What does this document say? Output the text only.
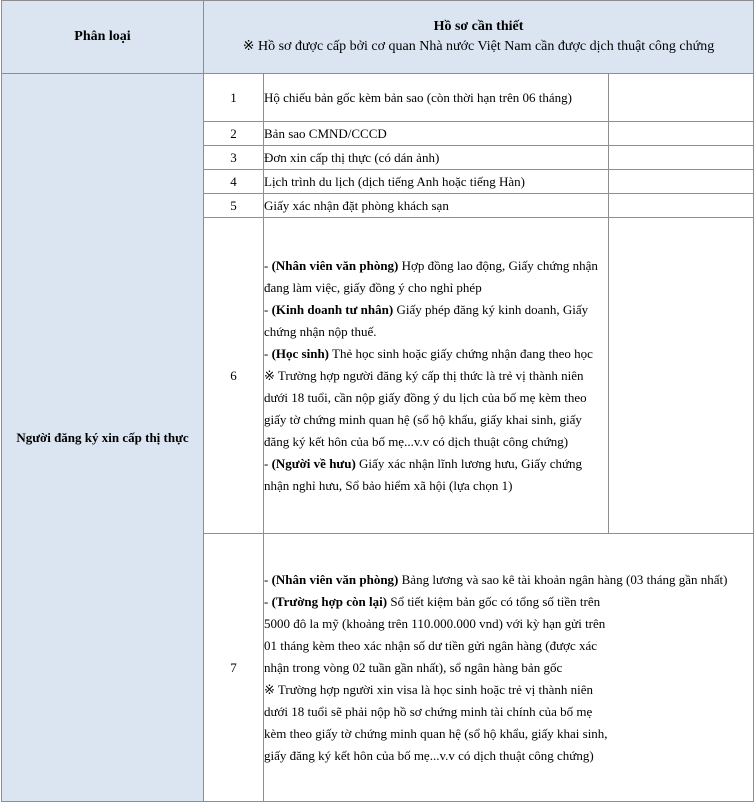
Phân loại	Hồ sơ cần thiết
※ Hồ sơ được cấp bởi cơ quan Nhà nước Việt Nam cần được dịch thuật công chứng		

Người đăng ký xin cấp thị thực	1	Hộ chiếu bản gốc kèm bản sao (còn thời hạn trên 06 tháng)	
	2	Bản sao CMND/CCCD	
	3	Đơn xin cấp thị thực (có dán ảnh)	
	4	Lịch trình du lịch (dịch tiếng Anh hoặc tiếng Hàn)	
	5	Giấy xác nhận đặt phòng khách sạn	
	6	- (Nhân viên văn phòng) Hợp đồng lao động, Giấy chứng nhận đang làm việc, giấy đồng ý cho nghỉ phép
- (Kinh doanh tư nhân) Giấy phép đăng ký kinh doanh, Giấy chứng nhận nộp thuế.
- (Học sinh) Thẻ học sinh hoặc giấy chứng nhận đang theo học
※ Trường hợp người đăng ký cấp thị thức là trẻ vị thành niên dưới 18 tuổi, cần nộp giấy đồng ý du lịch của bố mẹ kèm theo giấy tờ chứng minh quan hệ (sổ hộ khẩu, giấy khai sinh, giấy đăng ký kết hôn của bố mẹ...v.v có dịch thuật công chứng)
- (Người về hưu) Giấy xác nhận lĩnh lương hưu, Giấy chứng nhận nghỉ hưu, Sổ bảo hiểm xã hội (lựa chọn 1)	

	7	- (Nhân viên văn phòng) Bảng lương và sao kê tài khoản ngân hàng (03 tháng gần nhất)
- (Trường hợp còn lại) Sổ tiết kiệm bản gốc có tổng số tiền trên 5000 đô la mỹ (khoảng trên 110.000.000 vnd) với kỳ hạn gửi trên 01 tháng kèm theo xác nhận số dư tiền gửi ngân hàng (được xác nhận trong vòng 02 tuần gần nhất), sổ ngân hàng bản gốc
※ Trường hợp người xin visa là học sinh hoặc trẻ vị thành niên dưới 18 tuổi sẽ phải nộp hồ sơ chứng minh tài chính của bố mẹ kèm theo giấy tờ chứng minh quan hệ (sổ hộ khẩu, giấy khai sinh, giấy đăng ký kết hôn của bố mẹ...v.v có dịch thuật công chứng)	
